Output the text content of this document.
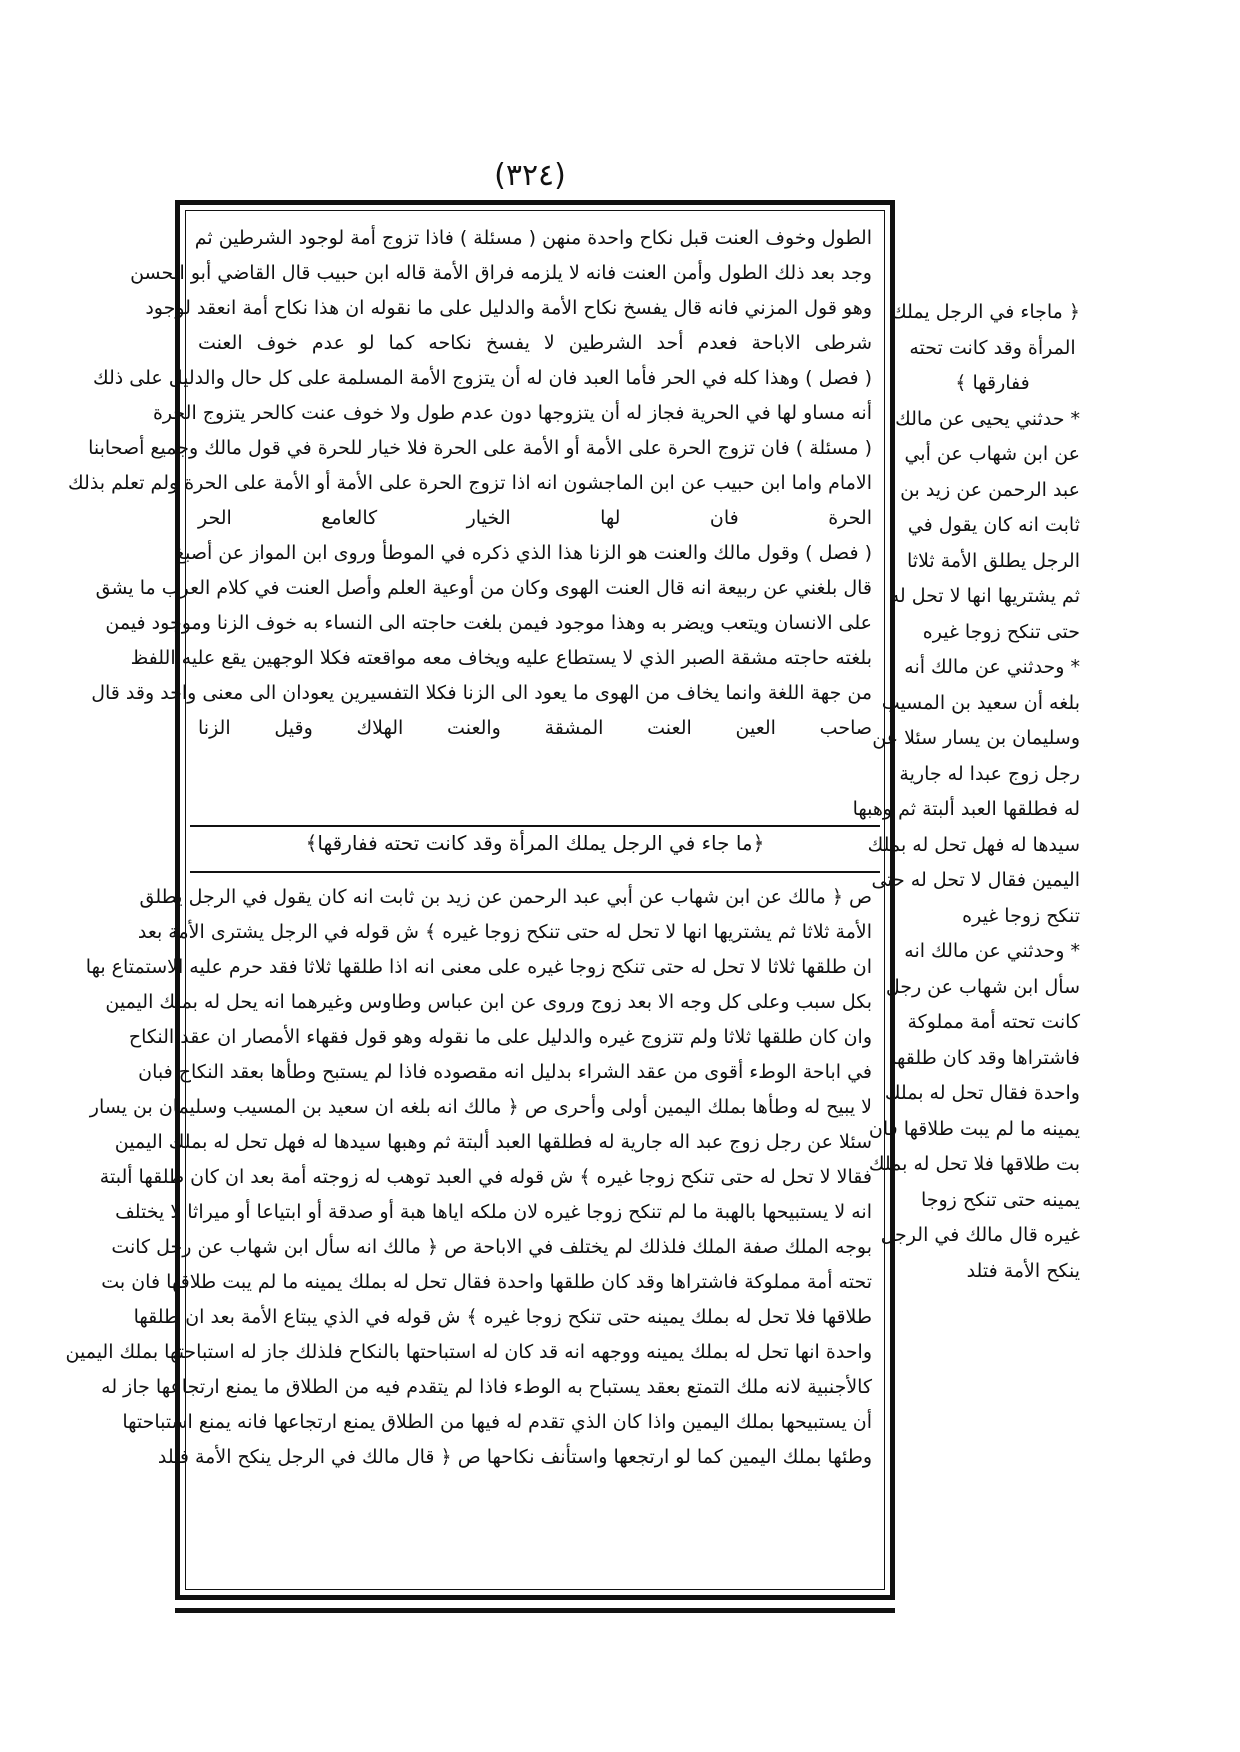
(٣٢٤)
الطول وخوف العنت قبل نكاح واحدة منهن ( مسئلة ) فاذا تزوج أمة لوجود الشرطين ثم
وجد بعد ذلك الطول وأمن العنت فانه لا يلزمه فراق الأمة قاله ابن حبيب قال القاضي أبو الحسن
وهو قول المزني فانه قال يفسخ نكاح الأمة والدليل على ما نقوله ان هذا نكاح أمة انعقد لوجود
شرطى الاباحة فعدم أحد الشرطين لا يفسخ نكاحه كما لو عدم خوف العنت
( فصل ) وهذا كله في الحر فأما العبد فان له أن يتزوج الأمة المسلمة على كل حال والدليل على ذلك
أنه مساو لها في الحرية فجاز له أن يتزوجها دون عدم طول ولا خوف عنت كالحر يتزوج الحرة
( مسئلة ) فان تزوج الحرة على الأمة أو الأمة على الحرة فلا خيار للحرة في قول مالك وجميع أصحابنا
الامام واما ابن حبيب عن ابن الماجشون انه اذا تزوج الحرة على الأمة أو الأمة على الحرة ولم تعلم بذلك
الحرة فان لها الخيار كالعامع الحر
( فصل ) وقول مالك والعنت هو الزنا هذا الذي ذكره في الموطأ وروى ابن المواز عن أصبغ
قال بلغني عن ربيعة انه قال العنت الهوى وكان من أوعية العلم وأصل العنت في كلام العرب ما يشق
على الانسان ويتعب ويضر به وهذا موجود فيمن بلغت حاجته الى النساء به خوف الزنا وموجود فيمن
بلغته حاجته مشقة الصبر الذي لا يستطاع عليه ويخاف معه مواقعته فكلا الوجهين يقع عليه اللفظ
من جهة اللغة وانما يخاف من الهوى ما يعود الى الزنا فكلا التفسيرين يعودان الى معنى واحد وقد قال
صاحب العين العنت المشقة والعنت الهلاك وقيل الزنا
﴿ما جاء في الرجل يملك المرأة وقد كانت تحته ففارقها﴾
ص ﴿ مالك عن ابن شهاب عن أبي عبد الرحمن عن زيد بن ثابت انه كان يقول في الرجل يطلق
الأمة ثلاثا ثم يشتريها انها لا تحل له حتى تنكح زوجا غيره ﴾ ش قوله في الرجل يشترى الأمة بعد
ان طلقها ثلاثا لا تحل له حتى تنكح زوجا غيره على معنى انه اذا طلقها ثلاثا فقد حرم عليه الاستمتاع بها
بكل سبب وعلى كل وجه الا بعد زوج وروى عن ابن عباس وطاوس وغيرهما انه يحل له بملك اليمين
وان كان طلقها ثلاثا ولم تتزوج غيره والدليل على ما نقوله وهو قول فقهاء الأمصار ان عقد النكاح
في اباحة الوطء أقوى من عقد الشراء بدليل انه مقصوده فاذا لم يستبح وطأها بعقد النكاح فبان
لا يبيح له وطأها بملك اليمين أولى وأحرى ص ﴿ مالك انه بلغه ان سعيد بن المسيب وسليمان بن يسار
سئلا عن رجل زوج عبد اله جارية له فطلقها العبد ألبتة ثم وهبها سيدها له فهل تحل له بملك اليمين
فقالا لا تحل له حتى تنكح زوجا غيره ﴾ ش قوله في العبد توهب له زوجته أمة بعد ان كان طلقها ألبتة
انه لا يستبيحها بالهبة ما لم تنكح زوجا غيره لان ملكه اياها هبة أو صدقة أو ابتياعا أو ميراثا لا يختلف
بوجه الملك صفة الملك فلذلك لم يختلف في الاباحة ص ﴿ مالك انه سأل ابن شهاب عن رجل كانت
تحته أمة مملوكة فاشتراها وقد كان طلقها واحدة فقال تحل له بملك يمينه ما لم يبت طلاقها فان بت
طلاقها فلا تحل له بملك يمينه حتى تنكح زوجا غيره ﴾ ش قوله في الذي يبتاع الأمة بعد ان طلقها
واحدة انها تحل له بملك يمينه ووجهه انه قد كان له استباحتها بالنكاح فلذلك جاز له استباحتها بملك اليمين
كالأجنبية لانه ملك التمتع بعقد يستباح به الوطء فاذا لم يتقدم فيه من الطلاق ما يمنع ارتجاعها جاز له
أن يستبيحها بملك اليمين واذا كان الذي تقدم له فيها من الطلاق يمنع ارتجاعها فانه يمنع استباحتها
وطئها بملك اليمين كما لو ارتجعها واستأنف نكاحها ص ﴿ قال مالك في الرجل ينكح الأمة فتلد
﴿ ماجاء في الرجل يملك
المرأة وقد كانت تحته
ففارقها ﴾
* حدثني يحيى عن مالك
عن ابن شهاب عن أبي
عبد الرحمن عن زيد بن
ثابت انه كان يقول في
الرجل يطلق الأمة ثلاثا
ثم يشتريها انها لا تحل له
حتى تنكح زوجا غيره
* وحدثني عن مالك أنه
بلغه أن سعيد بن المسيب
وسليمان بن يسار سئلا عن
رجل زوج عبدا له جارية
له فطلقها العبد ألبتة ثم وهبها
سيدها له فهل تحل له بملك
اليمين فقال لا تحل له حتى
تنكح زوجا غيره
* وحدثني عن مالك انه
سأل ابن شهاب عن رجل
كانت تحته أمة مملوكة
فاشتراها وقد كان طلقها
واحدة فقال تحل له بملك
يمينه ما لم يبت طلاقها فان
بت طلاقها فلا تحل له بملك
يمينه حتى تنكح زوجا
غيره قال مالك في الرجل
ينكح الأمة فتلد
